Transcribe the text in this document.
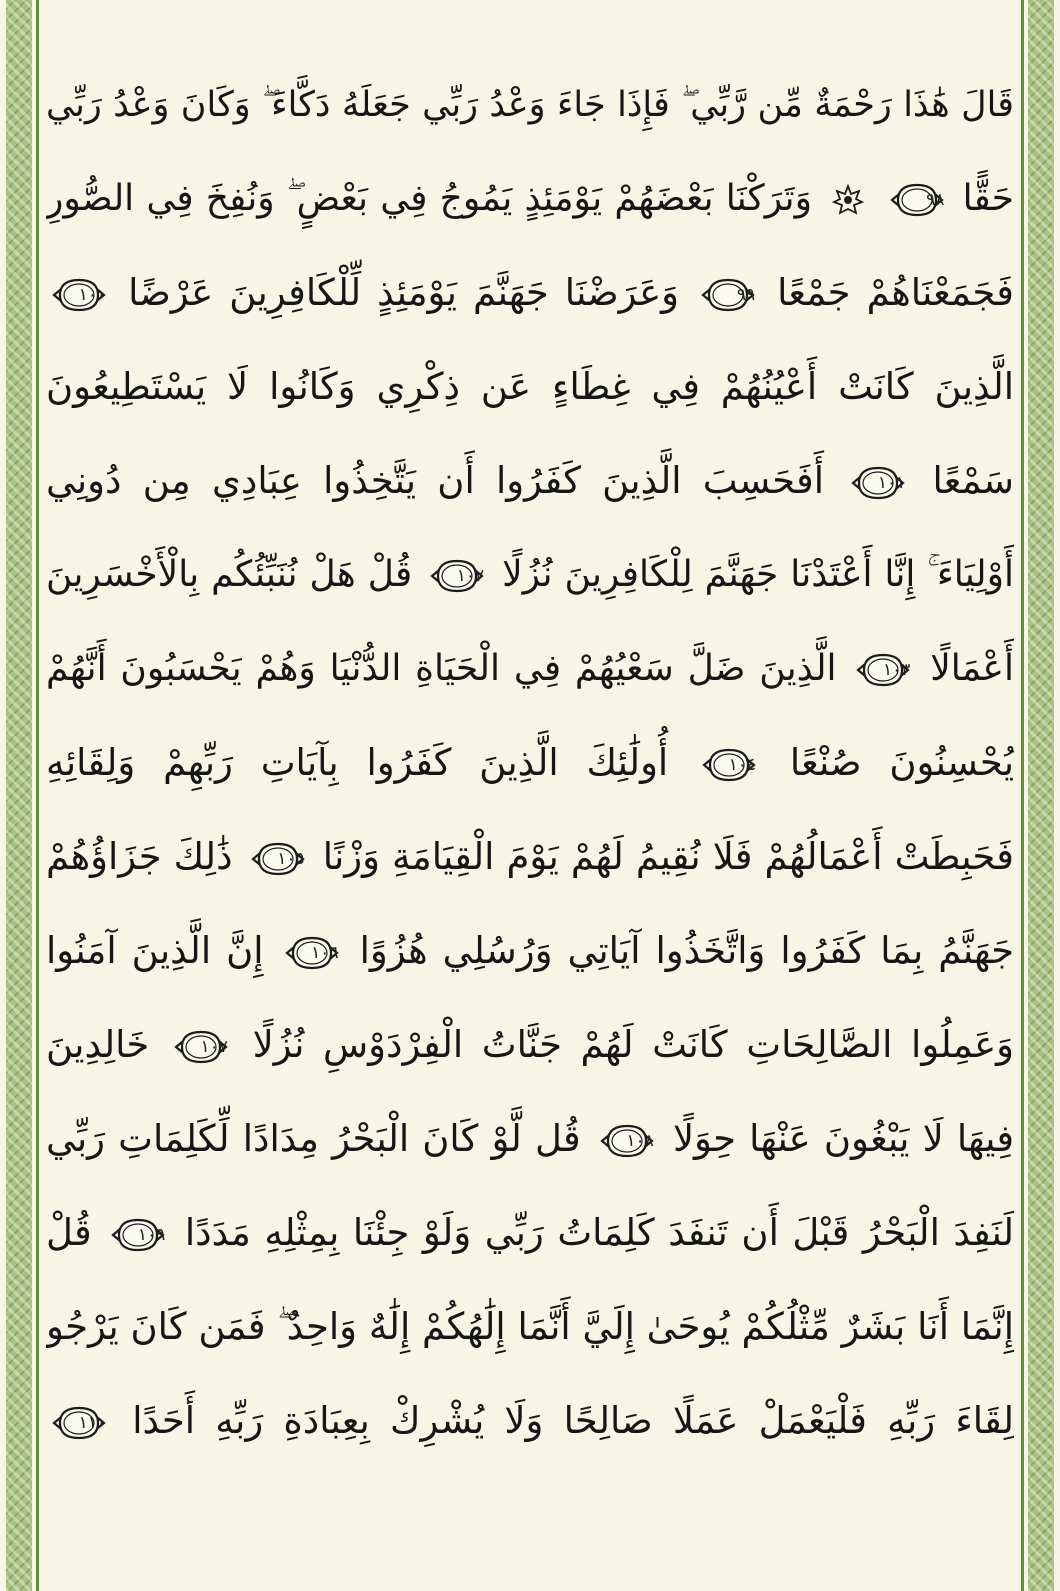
قَالَ هَٰذَا رَحْمَةٌ مِّن رَّبِّي ۖ فَإِذَا جَاءَ وَعْدُ رَبِّي جَعَلَهُ دَكَّاءَ ۖ وَكَانَ وَعْدُ رَبِّي
حَقًّا
٩٨
وَتَرَكْنَا بَعْضَهُمْ يَوْمَئِذٍ يَمُوجُ فِي بَعْضٍ ۖ وَنُفِخَ فِي الصُّورِ
فَجَمَعْنَاهُمْ جَمْعًا
٩٩
وَعَرَضْنَا جَهَنَّمَ يَوْمَئِذٍ لِّلْكَافِرِينَ عَرْضًا
١٠٠
الَّذِينَ كَانَتْ أَعْيُنُهُمْ فِي غِطَاءٍ عَن ذِكْرِي وَكَانُوا لَا يَسْتَطِيعُونَ
سَمْعًا
١٠١
أَفَحَسِبَ الَّذِينَ كَفَرُوا أَن يَتَّخِذُوا عِبَادِي مِن دُونِي
أَوْلِيَاءَ ۚ إِنَّا أَعْتَدْنَا جَهَنَّمَ لِلْكَافِرِينَ نُزُلًا
١٠٢
قُلْ هَلْ نُنَبِّئُكُم بِالْأَخْسَرِينَ
أَعْمَالًا
١٠٣
الَّذِينَ ضَلَّ سَعْيُهُمْ فِي الْحَيَاةِ الدُّنْيَا وَهُمْ يَحْسَبُونَ أَنَّهُمْ
يُحْسِنُونَ صُنْعًا
١٠٤
أُولَٰئِكَ الَّذِينَ كَفَرُوا بِآيَاتِ رَبِّهِمْ وَلِقَائِهِ
فَحَبِطَتْ أَعْمَالُهُمْ فَلَا نُقِيمُ لَهُمْ يَوْمَ الْقِيَامَةِ وَزْنًا
١٠٥
ذَٰلِكَ جَزَاؤُهُمْ
جَهَنَّمُ بِمَا كَفَرُوا وَاتَّخَذُوا آيَاتِي وَرُسُلِي هُزُوًا
١٠٦
إِنَّ الَّذِينَ آمَنُوا
وَعَمِلُوا الصَّالِحَاتِ كَانَتْ لَهُمْ جَنَّاتُ الْفِرْدَوْسِ نُزُلًا
١٠٧
خَالِدِينَ
فِيهَا لَا يَبْغُونَ عَنْهَا حِوَلًا
١٠٨
قُل لَّوْ كَانَ الْبَحْرُ مِدَادًا لِّكَلِمَاتِ رَبِّي
لَنَفِدَ الْبَحْرُ قَبْلَ أَن تَنفَدَ كَلِمَاتُ رَبِّي وَلَوْ جِئْنَا بِمِثْلِهِ مَدَدًا
١٠٩
قُلْ
إِنَّمَا أَنَا بَشَرٌ مِّثْلُكُمْ يُوحَىٰ إِلَيَّ أَنَّمَا إِلَٰهُكُمْ إِلَٰهٌ وَاحِدٌ ۖ فَمَن كَانَ يَرْجُو
لِقَاءَ رَبِّهِ فَلْيَعْمَلْ عَمَلًا صَالِحًا وَلَا يُشْرِكْ بِعِبَادَةِ رَبِّهِ أَحَدًا
١١٠
